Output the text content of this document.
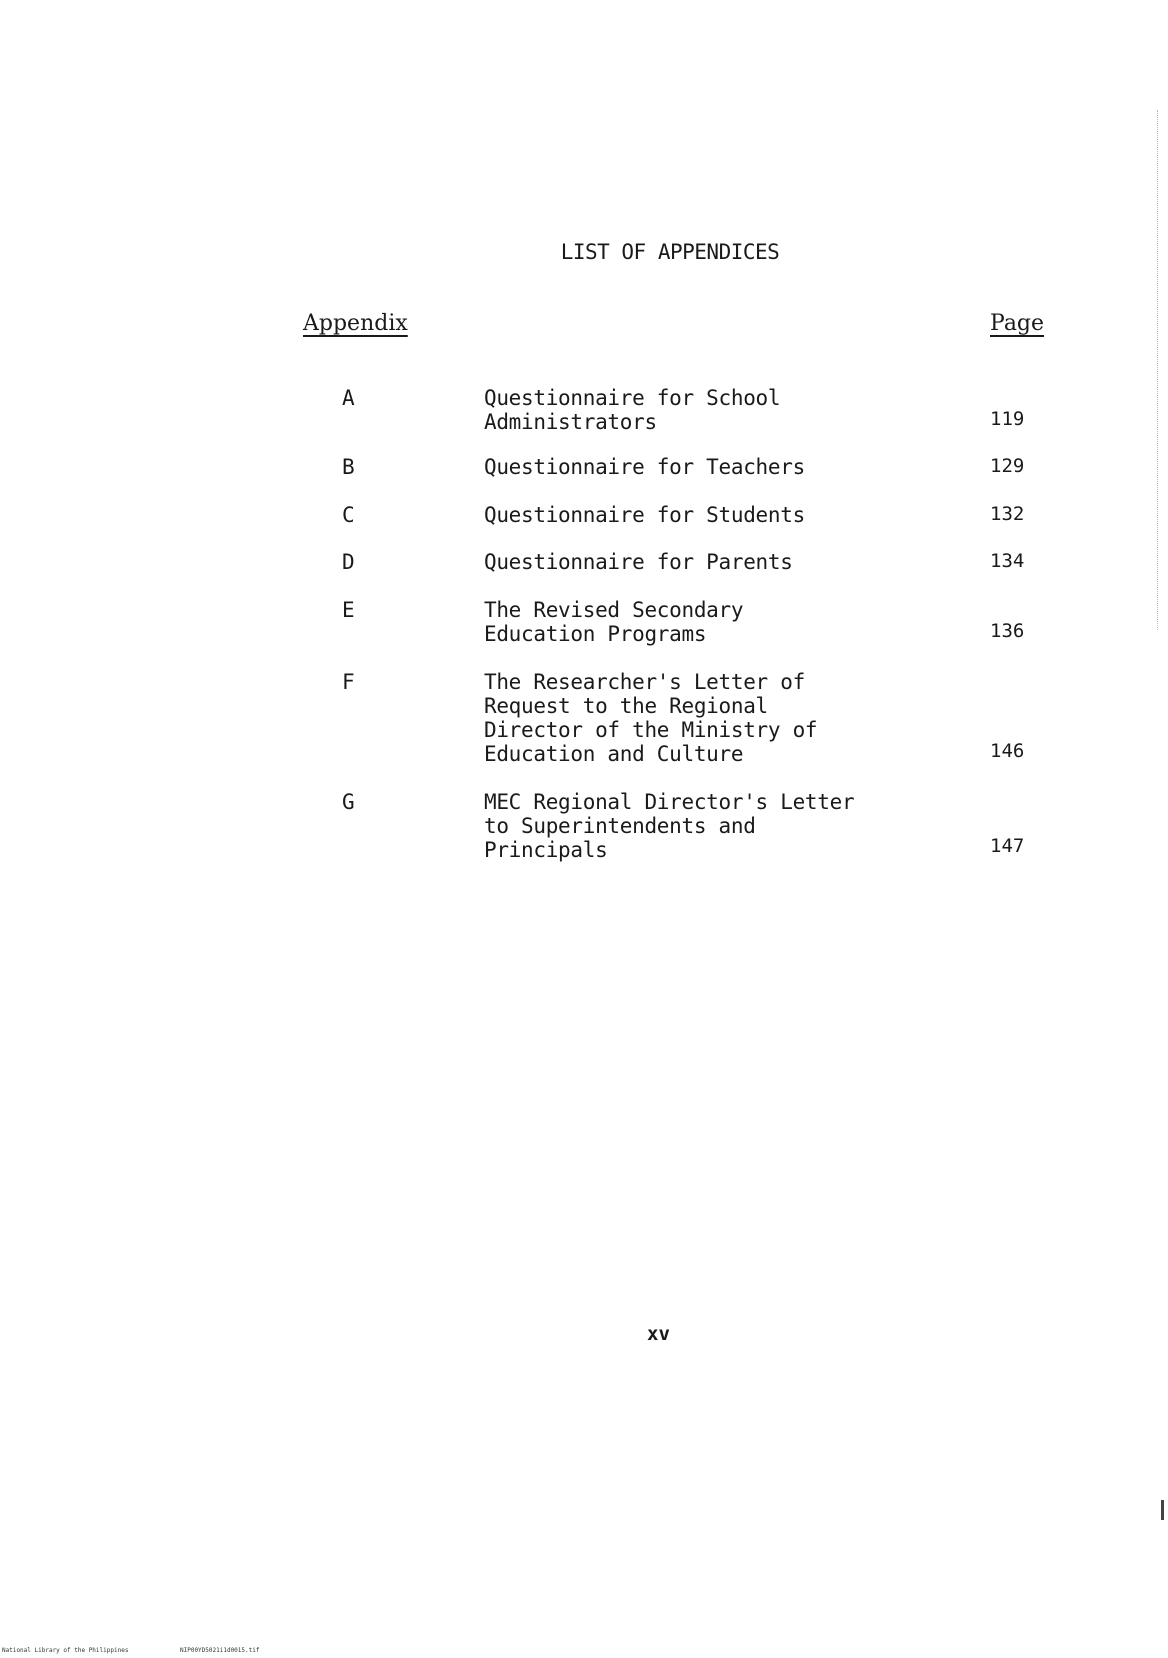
LIST OF APPENDICES
Appendix	Page
A	Questionnaire for School
Administrators	119
B	Questionnaire for Teachers	129
C	Questionnaire for Students	132
D	Questionnaire for Parents	134
E	The Revised Secondary
Education Programs	136
F	The Researcher's Letter of
Request to the Regional
Director of the Ministry of
Education and Culture	146
G	MEC Regional Director's Letter
to Superintendents and
Principals	147
xv
National Library of the Philippines	NIP00YD5021i1d0015.tif
